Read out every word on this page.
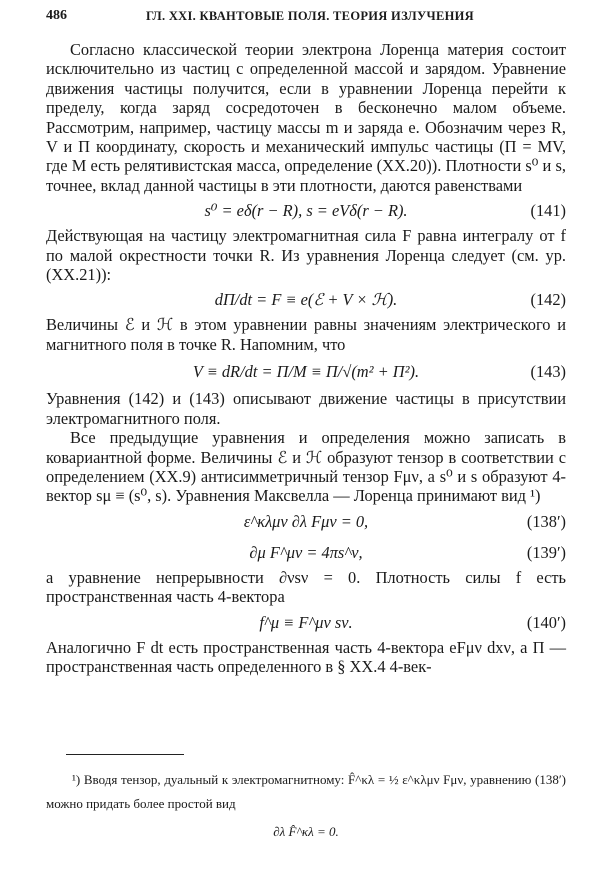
486	ГЛ. XXI. КВАНТОВЫЕ ПОЛЯ. ТЕОРИЯ ИЗЛУЧЕНИЯ

Согласно классической теории электрона Лоренца материя состоит исключительно из частиц с определенной массой и зарядом. Уравнение движения частицы получится, если в уравнении Лоренца перейти к пределу, когда заряд сосредоточен в бесконечно малом объеме. Рассмотрим, например, частицу массы m и заряда e. Обозначим через R, V и Π координату, скорость и механический импульс частицы (Π = MV, где M есть релятивистская масса, определение (XX.20)). Плотности s⁰ и s, точнее, вклад данной частицы в эти плотности, даются равенствами

s⁰ = eδ(r − R), s = eVδ(r − R).	(141)

Действующая на частицу электромагнитная сила F равна интегралу от f по малой окрестности точки R. Из уравнения Лоренца следует (см. ур. (XX.21)):

dΠ/dt = F ≡ e(ℰ + V × ℋ).	(142)

Величины ℰ и ℋ в этом уравнении равны значениям электрического и магнитного поля в точке R. Напомним, что

V ≡ dR/dt = Π/M ≡ Π/√(m² + Π²).	(143)

Уравнения (142) и (143) описывают движение частицы в присутствии электромагнитного поля.

Все предыдущие уравнения и определения можно записать в ковариантной форме. Величины ℰ и ℋ образуют тензор в соответствии с определением (XX.9) антисимметричный тензор Fμν, а s⁰ и s образуют 4-вектор sμ ≡ (s⁰, s). Уравнения Максвелла — Лоренца принимают вид ¹)

ε^κλμν ∂λ Fμν = 0,	(138′)
∂μ F^μν = 4πs^ν,	(139′)

а уравнение непрерывности ∂νsν = 0. Плотность силы f есть пространственная часть 4-вектора

f^μ ≡ F^μν sν.	(140′)

Аналогично F dt есть пространственная часть 4-вектора eFμν dxν, а Π — пространственная часть определенного в § XX.4 4-век-

¹) Вводя тензор, дуальный к электромагнитному: F̂^κλ = ½ ε^κλμν Fμν, уравнению (138′) можно придать более простой вид

∂λ F̂^κλ = 0.
